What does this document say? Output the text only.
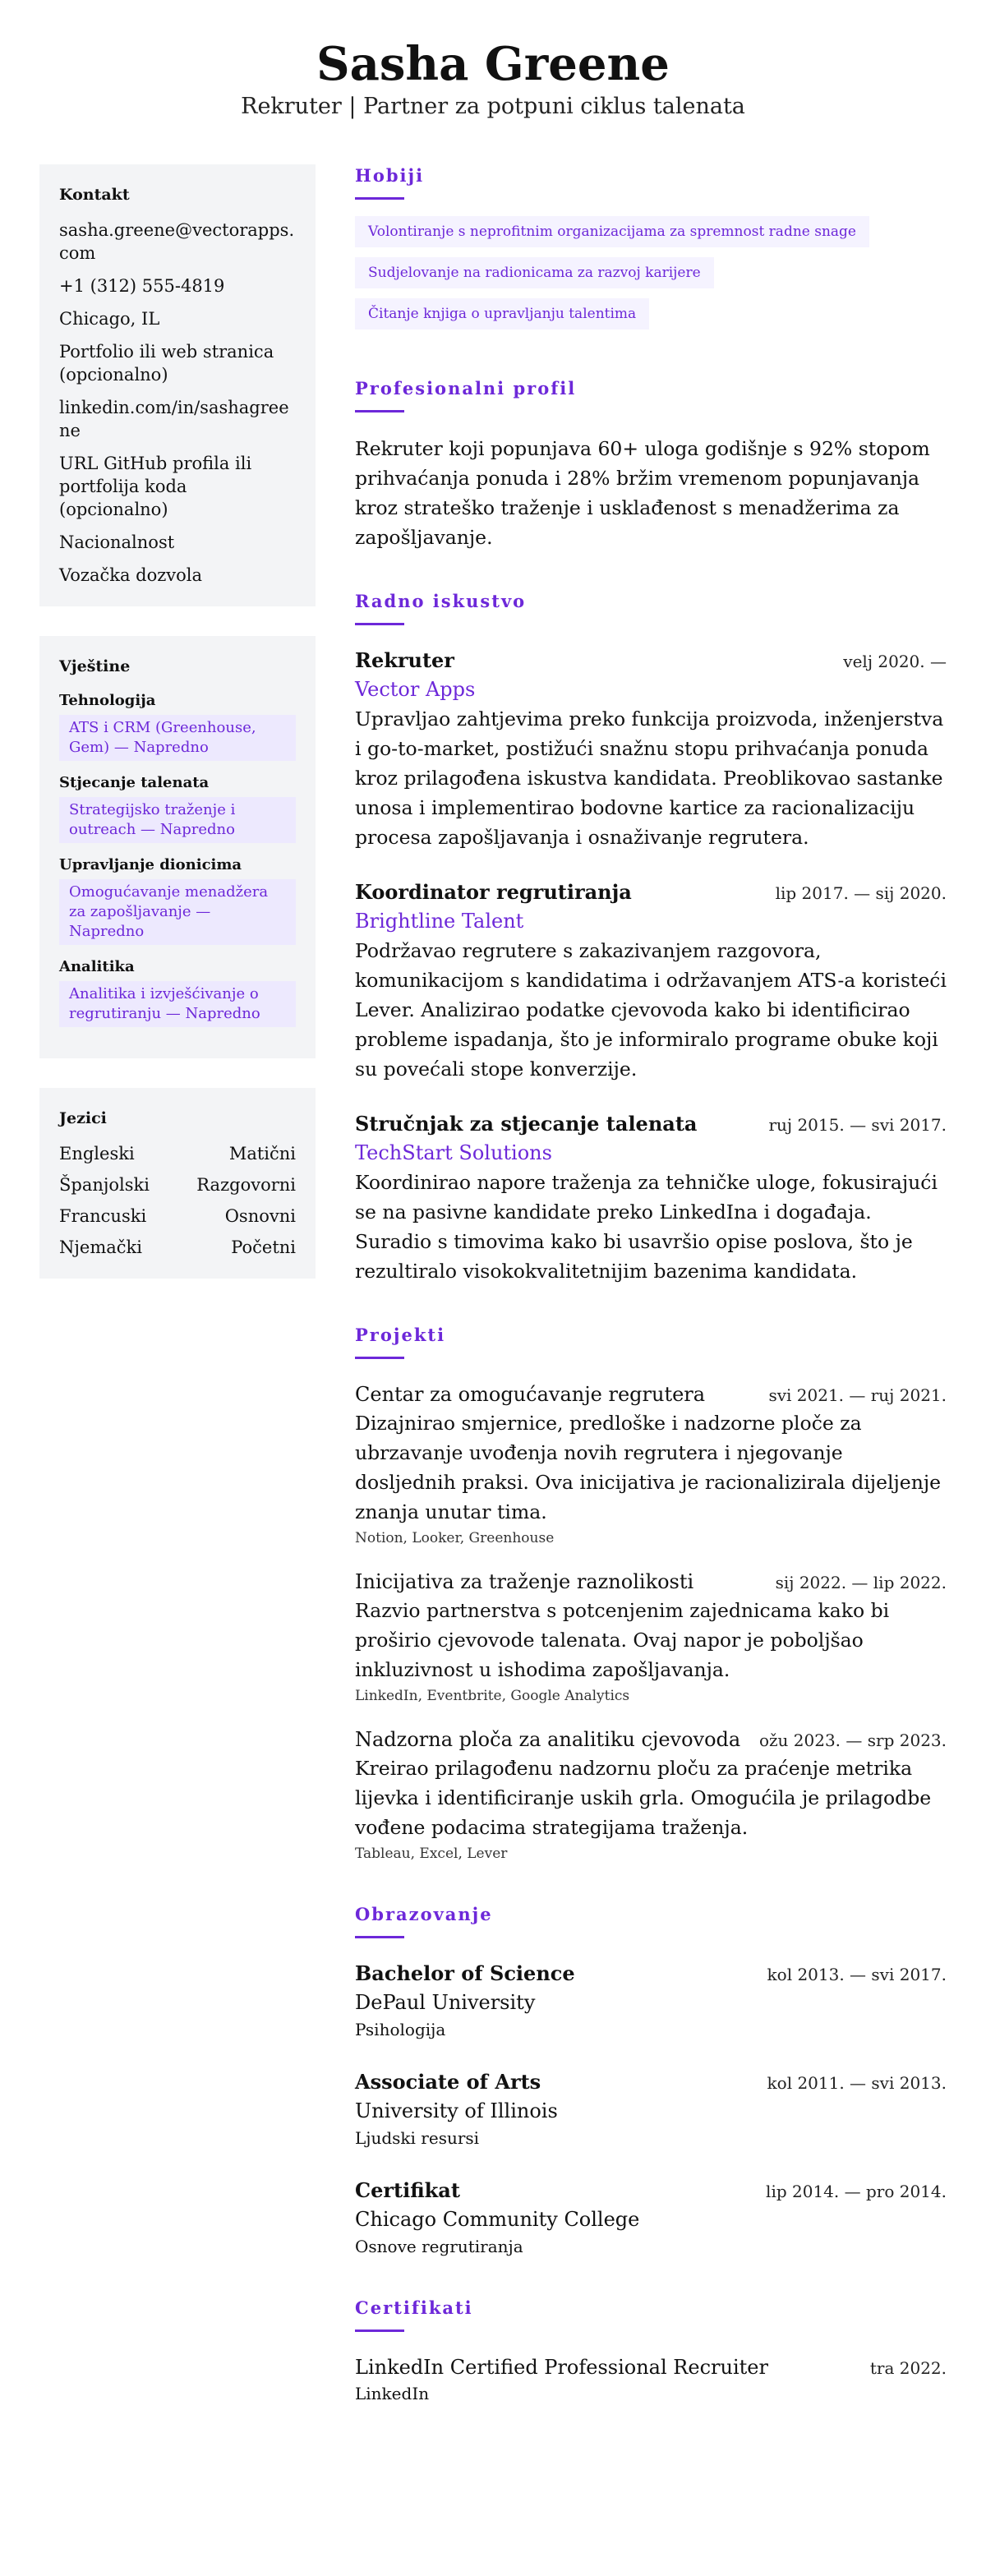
Sasha Greene
Rekruter | Partner za potpuni ciklus talenata
Kontakt
sasha.greene@vectorapps.com
+1 (312) 555-4819
Chicago, IL
Portfolio ili web stranica (opcionalno)
linkedin.com/in/sashagreene
URL GitHub profila ili portfolija koda (opcionalno)
Nacionalnost
Vozačka dozvola
Vještine
Tehnologija
ATS i CRM (Greenhouse, Gem) — Napredno
Stjecanje talenata
Strategijsko traženje i outreach — Napredno
Upravljanje dionicima
Omogućavanje menadžera za zapošljavanje — Napredno
Analitika
Analitika i izvješćivanje o regrutiranju — Napredno
Jezici
Engleski	Matični
Španjolski	Razgovorni
Francuski	Osnovni
Njemački	Početni
Hobiji
Volontiranje s neprofitnim organizacijama za spremnost radne snage
Sudjelovanje na radionicama za razvoj karijere
Čitanje knjiga o upravljanju talentima
Profesionalni profil

Rekruter koji popunjava 60+ uloga godišnje s 92% stopom prihvaćanja ponuda i 28% bržim vremenom popunjavanja kroz strateško traženje i usklađenost s menadžerima za zapošljavanje.

Radno iskustvo
Rekruter	velj 2020. —
Vector Apps

Upravljao zahtjevima preko funkcija proizvoda, inženjerstva i go-to-market, postižući snažnu stopu prihvaćanja ponuda kroz prilagođena iskustva kandidata. Preoblikovao sastanke unosa i implementirao bodovne kartice za racionalizaciju procesa zapošljavanja i osnaživanje regrutera.

Koordinator regrutiranja	lip 2017. — sij 2020.
Brightline Talent

Podržavao regrutere s zakazivanjem razgovora, komunikacijom s kandidatima i održavanjem ATS-a koristeći Lever. Analizirao podatke cjevovoda kako bi identificirao probleme ispadanja, što je informiralo programe obuke koji su povećali stope konverzije.

Stručnjak za stjecanje talenata	ruj 2015. — svi 2017.
TechStart Solutions

Koordinirao napore traženja za tehničke uloge, fokusirajući se na pasivne kandidate preko LinkedIna i događaja. Suradio s timovima kako bi usavršio opise poslova, što je rezultiralo visokokvalitetnijim bazenima kandidata.

Projekti
Centar za omogućavanje regrutera	svi 2021. — ruj 2021.

Dizajnirao smjernice, predloške i nadzorne ploče za ubrzavanje uvođenja novih regrutera i njegovanje dosljednih praksi. Ova inicijativa je racionalizirala dijeljenje znanja unutar tima.

Notion, Looker, Greenhouse
Inicijativa za traženje raznolikosti	sij 2022. — lip 2022.

Razvio partnerstva s potcenjenim zajednicama kako bi proširio cjevovode talenata. Ovaj napor je poboljšao inkluzivnost u ishodima zapošljavanja.

LinkedIn, Eventbrite, Google Analytics
Nadzorna ploča za analitiku cjevovoda ožu 2023. — srp 2023.

Kreirao prilagođenu nadzornu ploču za praćenje metrika lijevka i identificiranje uskih grla. Omogućila je prilagodbe vođene podacima strategijama traženja.

Tableau, Excel, Lever
Obrazovanje
Bachelor of Science	kol 2013. — svi 2017.
DePaul University
Psihologija
Associate of Arts	kol 2011. — svi 2013.
University of Illinois
Ljudski resursi
Certifikat	lip 2014. — pro 2014.
Chicago Community College
Osnove regrutiranja
Certifikati
LinkedIn Certified Professional Recruiter	tra 2022.
LinkedIn
